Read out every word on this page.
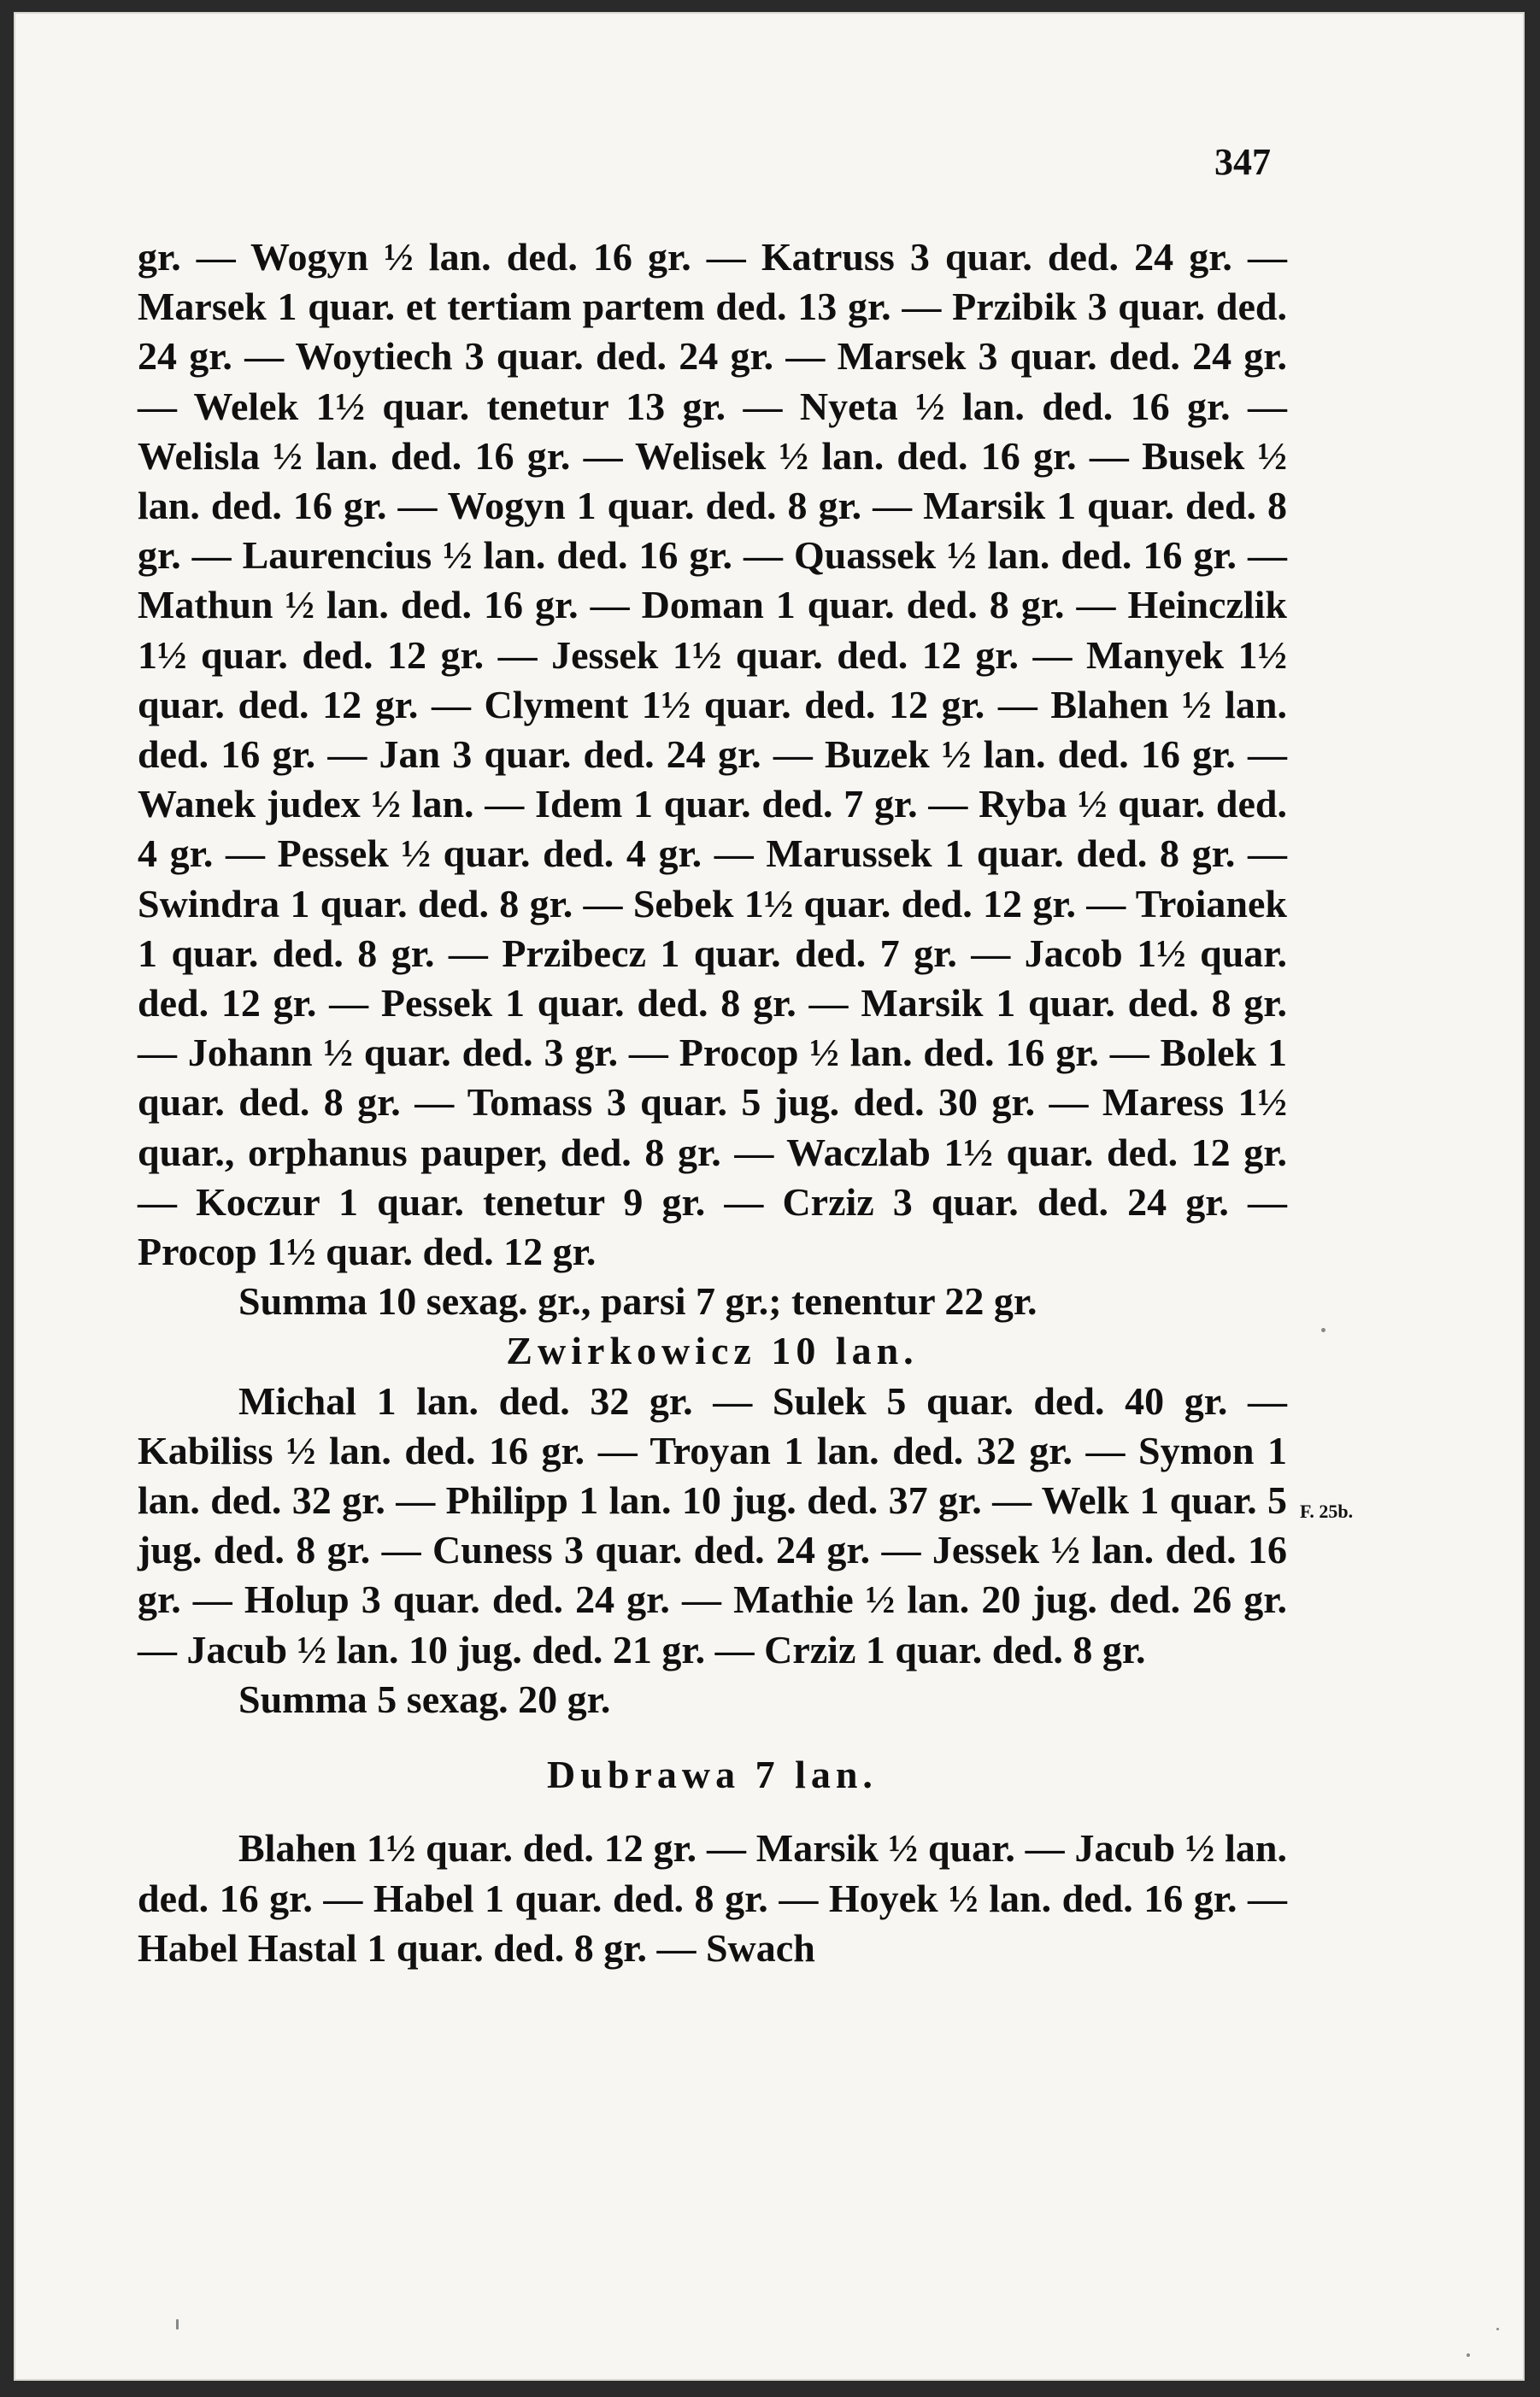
347

gr. — Wogyn ½ lan. ded. 16 gr. — Katruss 3 quar. ded. 24 gr. — Marsek 1 quar. et tertiam partem ded. 13 gr. — Przibik 3 quar. ded. 24 gr. — Woytiech 3 quar. ded. 24 gr. — Marsek 3 quar. ded. 24 gr. — Welek 1½ quar. tenetur 13 gr. — Nyeta ½ lan. ded. 16 gr. — Welisla ½ lan. ded. 16 gr. — Welisek ½ lan. ded. 16 gr. — Busek ½ lan. ded. 16 gr. — Wogyn 1 quar. ded. 8 gr. — Marsik 1 quar. ded. 8 gr. — Laurencius ½ lan. ded. 16 gr. — Quassek ½ lan. ded. 16 gr. — Mathun ½ lan. ded. 16 gr. — Doman 1 quar. ded. 8 gr. — Heinczlik 1½ quar. ded. 12 gr. — Jessek 1½ quar. ded. 12 gr. — Manyek 1½ quar. ded. 12 gr. — Clyment 1½ quar. ded. 12 gr. — Blahen ½ lan. ded. 16 gr. — Jan 3 quar. ded. 24 gr. — Buzek ½ lan. ded. 16 gr. — Wanek judex ½ lan. — Idem 1 quar. ded. 7 gr. — Ryba ½ quar. ded. 4 gr. — Pessek ½ quar. ded. 4 gr. — Marussek 1 quar. ded. 8 gr. — Swindra 1 quar. ded. 8 gr. — Sebek 1½ quar. ded. 12 gr. — Troianek 1 quar. ded. 8 gr. — Przibecz 1 quar. ded. 7 gr. — Jacob 1½ quar. ded. 12 gr. — Pessek 1 quar. ded. 8 gr. — Marsik 1 quar. ded. 8 gr. — Johann ½ quar. ded. 3 gr. — Procop ½ lan. ded. 16 gr. — Bolek 1 quar. ded. 8 gr. — Tomass 3 quar. 5 jug. ded. 30 gr. — Maress 1½ quar., orphanus pauper, ded. 8 gr. — Waczlab 1½ quar. ded. 12 gr. — Koczur 1 quar. tenetur 9 gr. — Crziz 3 quar. ded. 24 gr. — Procop 1½ quar. ded. 12 gr.

Summa 10 sexag. gr., parsi 7 gr.; tenentur 22 gr.

Zwirkowicz 10 lan.

Michal 1 lan. ded. 32 gr. — Sulek 5 quar. ded. 40 gr. — Kabiliss ½ lan. ded. 16 gr. — Troyan 1 lan. ded. 32 gr. — Symon 1 lan. ded. 32 gr. — Philipp 1 lan. 10 jug. ded. 37 gr. — Welk 1 quar. 5 jug. ded. 8 gr. — Cuness 3 quar. ded. 24 gr. — Jessek ½ lan. ded. 16 gr. — Holup 3 quar. ded. 24 gr. — Mathie ½ lan. 20 jug. ded. 26 gr. — Jacub ½ lan. 10 jug. ded. 21 gr. — Crziz 1 quar. ded. 8 gr.

Summa 5 sexag. 20 gr.

Dubrawa 7 lan.

Blahen 1½ quar. ded. 12 gr. — Marsik ½ quar. — Jacub ½ lan. ded. 16 gr. — Habel 1 quar. ded. 8 gr. — Hoyek ½ lan. ded. 16 gr. — Habel Hastal 1 quar. ded. 8 gr. — Swach

F. 25b.
